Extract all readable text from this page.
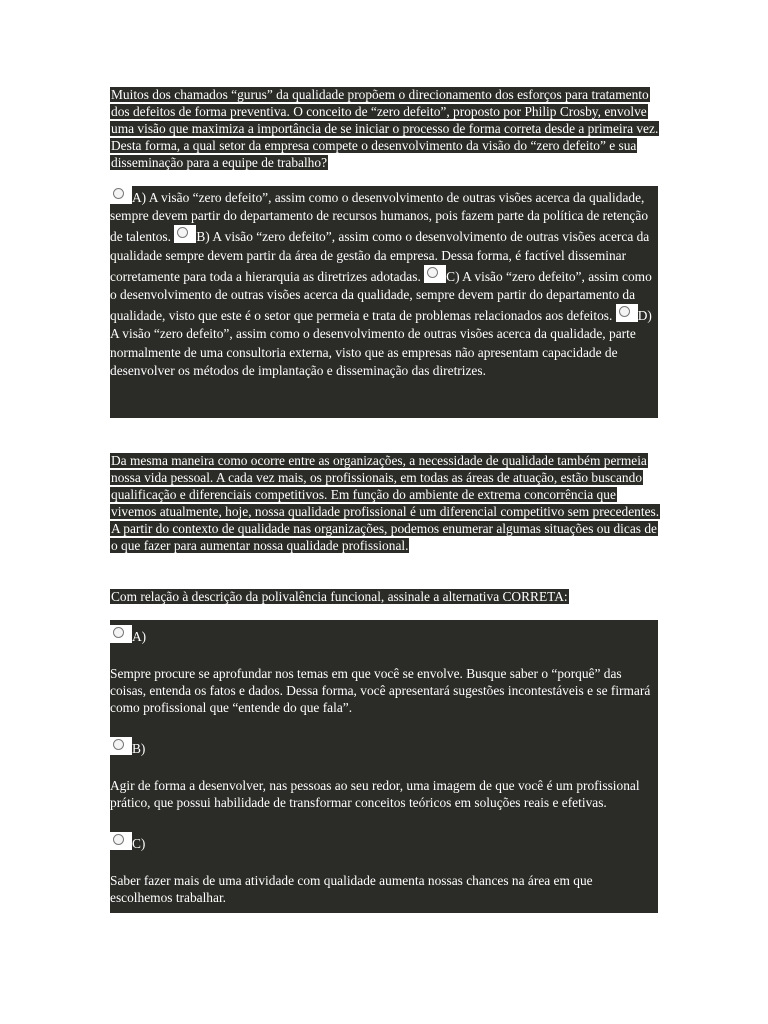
Muitos dos chamados “gurus” da qualidade propõem o direcionamento dos esforços para tratamento dos defeitos de forma preventiva. O conceito de “zero defeito”, proposto por Philip Crosby, envolve uma visão que maximiza a importância de se iniciar o processo de forma correta desde a primeira vez. Desta forma, a qual setor da empresa compete o desenvolvimento da visão do “zero defeito” e sua disseminação para a equipe de trabalho?
A) A visão “zero defeito”, assim como o desenvolvimento de outras visões acerca da qualidade, sempre devem partir do departamento de recursos humanos, pois fazem parte da política de retenção de talentos. B) A visão “zero defeito”, assim como o desenvolvimento de outras visões acerca da qualidade sempre devem partir da área de gestão da empresa. Dessa forma, é factível disseminar corretamente para toda a hierarquia as diretrizes adotadas. C) A visão “zero defeito”, assim como o desenvolvimento de outras visões acerca da qualidade, sempre devem partir do departamento da qualidade, visto que este é o setor que permeia e trata de problemas relacionados aos defeitos. D) A visão “zero defeito”, assim como o desenvolvimento de outras visões acerca da qualidade, parte normalmente de uma consultoria externa, visto que as empresas não apresentam capacidade de desenvolver os métodos de implantação e disseminação das diretrizes.
Da mesma maneira como ocorre entre as organizações, a necessidade de qualidade também permeia nossa vida pessoal. A cada vez mais, os profissionais, em todas as áreas de atuação, estão buscando qualificação e diferenciais competitivos. Em função do ambiente de extrema concorrência que vivemos atualmente, hoje, nossa qualidade profissional é um diferencial competitivo sem precedentes. A partir do contexto de qualidade nas organizações, podemos enumerar algumas situações ou dicas de o que fazer para aumentar nossa qualidade profissional.
Com relação à descrição da polivalência funcional, assinale a alternativa CORRETA:
A)
Sempre procure se aprofundar nos temas em que você se envolve. Busque saber o “porquê” das coisas, entenda os fatos e dados. Dessa forma, você apresentará sugestões incontestáveis e se firmará como profissional que “entende do que fala”.
B)
Agir de forma a desenvolver, nas pessoas ao seu redor, uma imagem de que você é um profissional prático, que possui habilidade de transformar conceitos teóricos em soluções reais e efetivas.
C)
Saber fazer mais de uma atividade com qualidade aumenta nossas chances na área em que escolhemos trabalhar.
